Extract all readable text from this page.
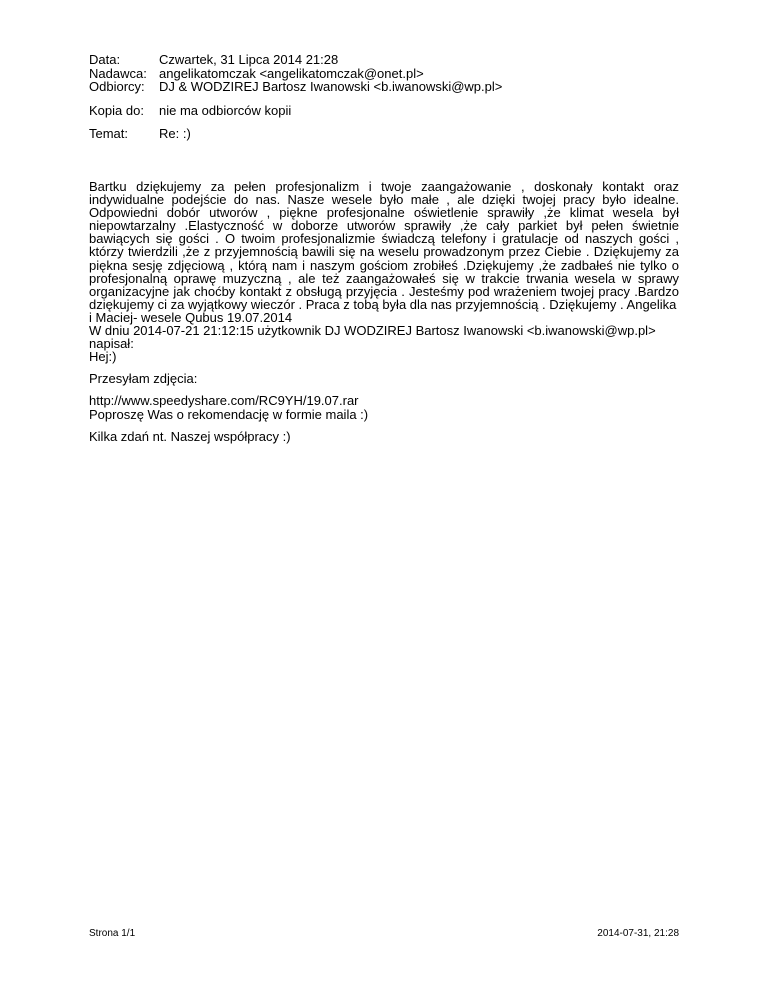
Data:	Czwartek, 31 Lipca 2014 21:28
Nadawca:	angelikatomczak <angelikatomczak@onet.pl>
Odbiorcy:	DJ & WODZIREJ Bartosz Iwanowski <b.iwanowski@wp.pl>
Kopia do:	nie ma odbiorców kopii
Temat:	Re: :)

Bartku dziękujemy za pełen profesjonalizm i twoje zaangażowanie , doskonały kontakt oraz indywidualne podejście do nas. Nasze wesele było małe , ale dzięki twojej pracy było idealne. Odpowiedni dobór utworów , piękne profesjonalne oświetlenie sprawiły ,że klimat wesela był niepowtarzalny .Elastyczność w doborze utworów sprawiły ,że cały parkiet był pełen świetnie bawiących się gości . O twoim profesjonalizmie świadczą telefony i gratulacje od naszych gości , którzy twierdzili ,że z przyjemnością bawili się na weselu prowadzonym przez Ciebie . Dziękujemy za piękna sesję zdjęciową , którą nam i naszym gościom zrobiłeś .Dziękujemy ,że zadbałeś nie tylko o profesjonalną oprawę muzyczną , ale też zaangażowałeś się w trakcie trwania wesela w sprawy organizacyjne jak choćby kontakt z obsługą przyjęcia . Jesteśmy pod wrażeniem twojej pracy .Bardzo dziękujemy ci za wyjątkowy wieczór . Praca z tobą była dla nas przyjemnością . Dziękujemy . Angelika

i Maciej- wesele Qubus 19.07.2014

W dniu 2014-07-21 21:12:15 użytkownik DJ WODZIREJ Bartosz Iwanowski <b.iwanowski@wp.pl>

napisał:

Hej:)

Przesyłam zdjęcia:

http://www.speedyshare.com/RC9YH/19.07.rar

Poproszę Was o rekomendację w formie maila :)

Kilka zdań nt. Naszej współpracy :)

Strona 1/1	2014-07-31, 21:28
